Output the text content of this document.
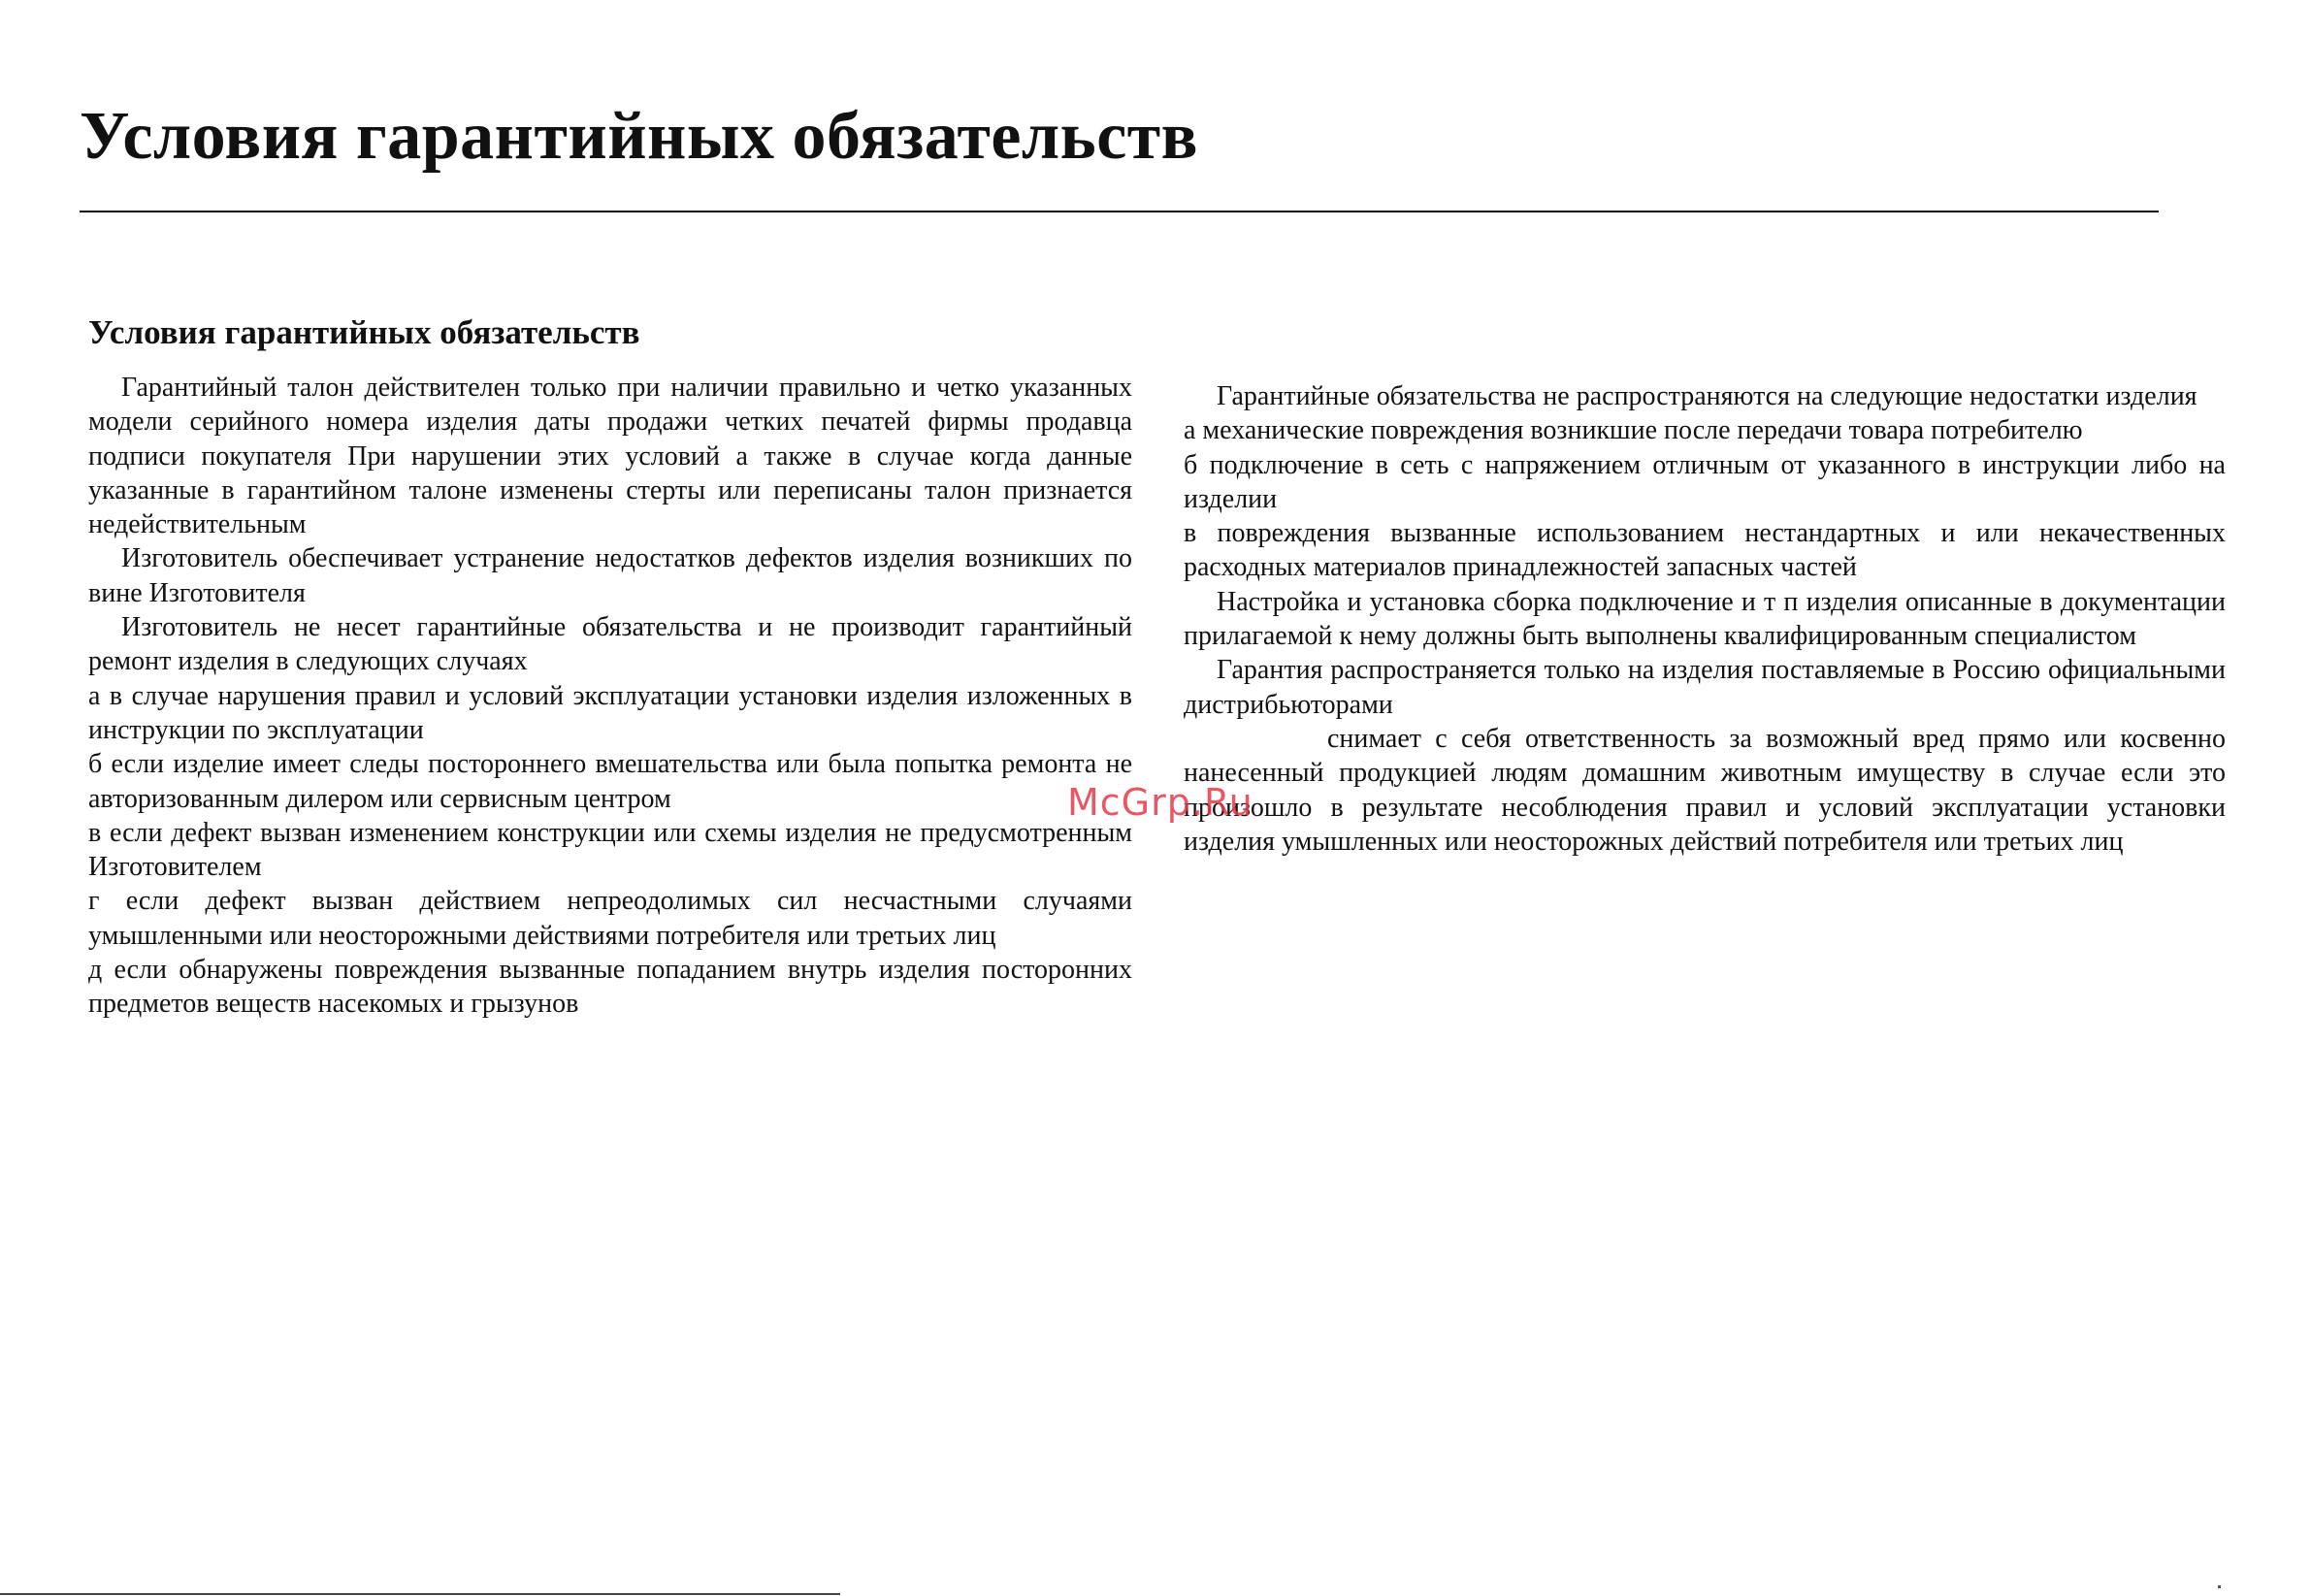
Условия гарантийных обязательств
Условия гарантийных обязательств

Гарантийный талон действителен только при наличии правильно и четко указанных модели серийного номера изделия даты продажи четких печатей фирмы продавца подписи покупателя При нарушении этих условий а также в случае когда данные указанные в гарантийном талоне изменены стерты или переписаны талон признается недействительным

Изготовитель обеспечивает устранение недостатков дефектов изделия возникших по вине Изготовителя

Изготовитель не несет гарантийные обязательства и не производит гарантийный ремонт изделия в следующих случаях

а в случае нарушения правил и условий эксплуатации установки изделия изложенных в инструкции по эксплуатации

б если изделие имеет следы постороннего вмешательства или была попытка ремонта не авторизованным дилером или сервисным центром

в если дефект вызван изменением конструкции или схемы изделия не предусмотренным Изготовителем

г если дефект вызван действием непреодолимых сил несчастными случаями умышленными или неосторожными действиями потребителя или третьих лиц

д если обнаружены повреждения вызванные попаданием внутрь изделия посторонних предметов веществ насекомых и грызунов

Гарантийные обязательства не распространяются на следующие недостатки изделия

а механические повреждения возникшие после передачи товара потребителю

б подключение в сеть с напряжением отличным от указанного в инструкции либо на изделии

в повреждения вызванные использованием нестандартных и или некачественных расходных материалов принадлежностей запасных частей

Настройка и установка сборка подключение и т п изделия описанные в документации прилагаемой к нему должны быть выполнены квалифицированным специалистом

Гарантия распространяется только на изделия поставляемые в Россию официальными дистрибьюторами

снимает с себя ответственность за возможный вред прямо или косвенно нанесенный продукцией людям домашним животным имуществу в случае если это произошло в результате несоблюдения правил и условий эксплуатации установки изделия умышленных или неосторожных действий потребителя или третьих лиц

McGrp.Ru
